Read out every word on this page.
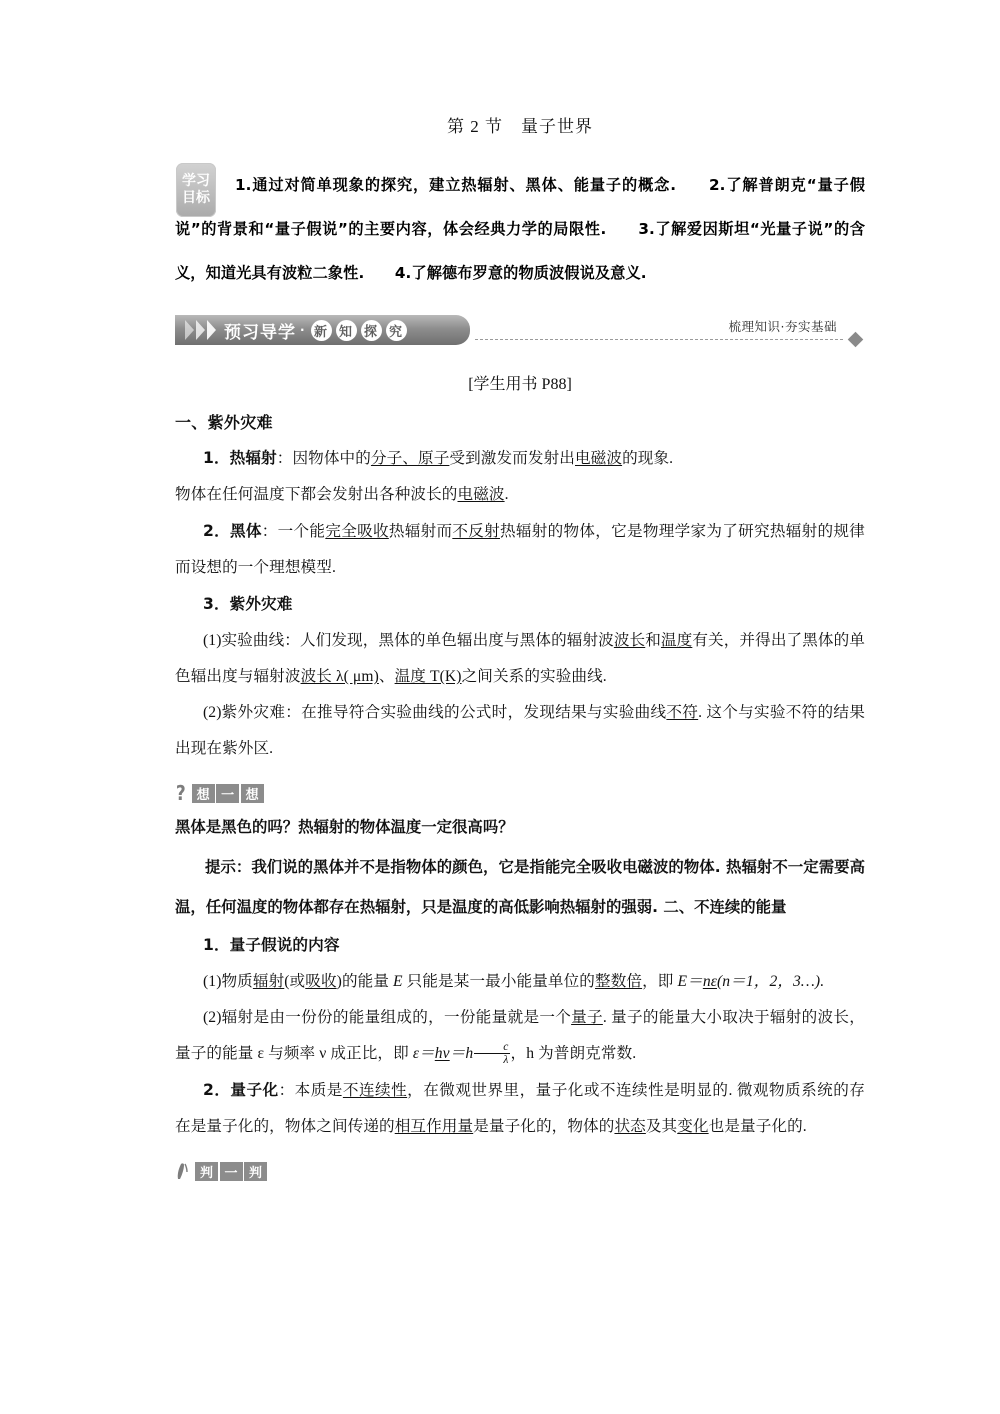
第 2 节　量子世界
学习
目标
1.通过对简单现象的探究，建立热辐射、黑体、能量子的概念.　　2.了解普朗克“量子假说”的背景和“量子假说”的主要内容，体会经典力学的局限性.　　3.了解爱因斯坦“光量子说”的含义，知道光具有波粒二象性.　　4.了解德布罗意的物质波假说及意义.
预习导学 · 新 知 探 究	梳理知识·夯实基础
[学生用书 P88]
一、紫外灾难

1．热辐射：因物体中的分子、原子受到激发而发射出电磁波的现象.

物体在任何温度下都会发射出各种波长的电磁波.

2．黑体：一个能完全吸收热辐射而不反射热辐射的物体，它是物理学家为了研究热辐射的规律而设想的一个理想模型.

3．紫外灾难

(1)实验曲线：人们发现，黑体的单色辐出度与黑体的辐射波波长和温度有关，并得出了黑体的单色辐出度与辐射波波长 λ( μm)、温度 T(K)之间关系的实验曲线.

(2)紫外灾难：在推导符合实验曲线的公式时，发现结果与实验曲线不符. 这个与实验不符的结果出现在紫外区.

? 想 一 想

黑体是黑色的吗？热辐射的物体温度一定很高吗？

提示：我们说的黑体并不是指物体的颜色，它是指能完全吸收电磁波的物体. 热辐射不一定需要高温，任何温度的物体都存在热辐射，只是温度的高低影响热辐射的强弱. 二、不连续的能量

1．量子假说的内容

(1)物质辐射(或吸收)的能量 E 只能是某一最小能量单位的整数倍，即 E＝nε(n＝1，2，3…).

(2)辐射是由一份份的能量组成的，一份能量就是一个量子. 量子的能量大小取决于辐射的波长，量子的能量 ε 与频率 ν 成正比，即 $\varepsilon=h\nu=h \frac{c}{\lambda}$ ，h 为普朗克常数.

2．量子化：本质是不连续性，在微观世界里，量子化或不连续性是明显的. 微观物质系统的存在是量子化的，物体之间传递的相互作用量是量子化的，物体的状态及其变化也是量子化的.

判 一 判
